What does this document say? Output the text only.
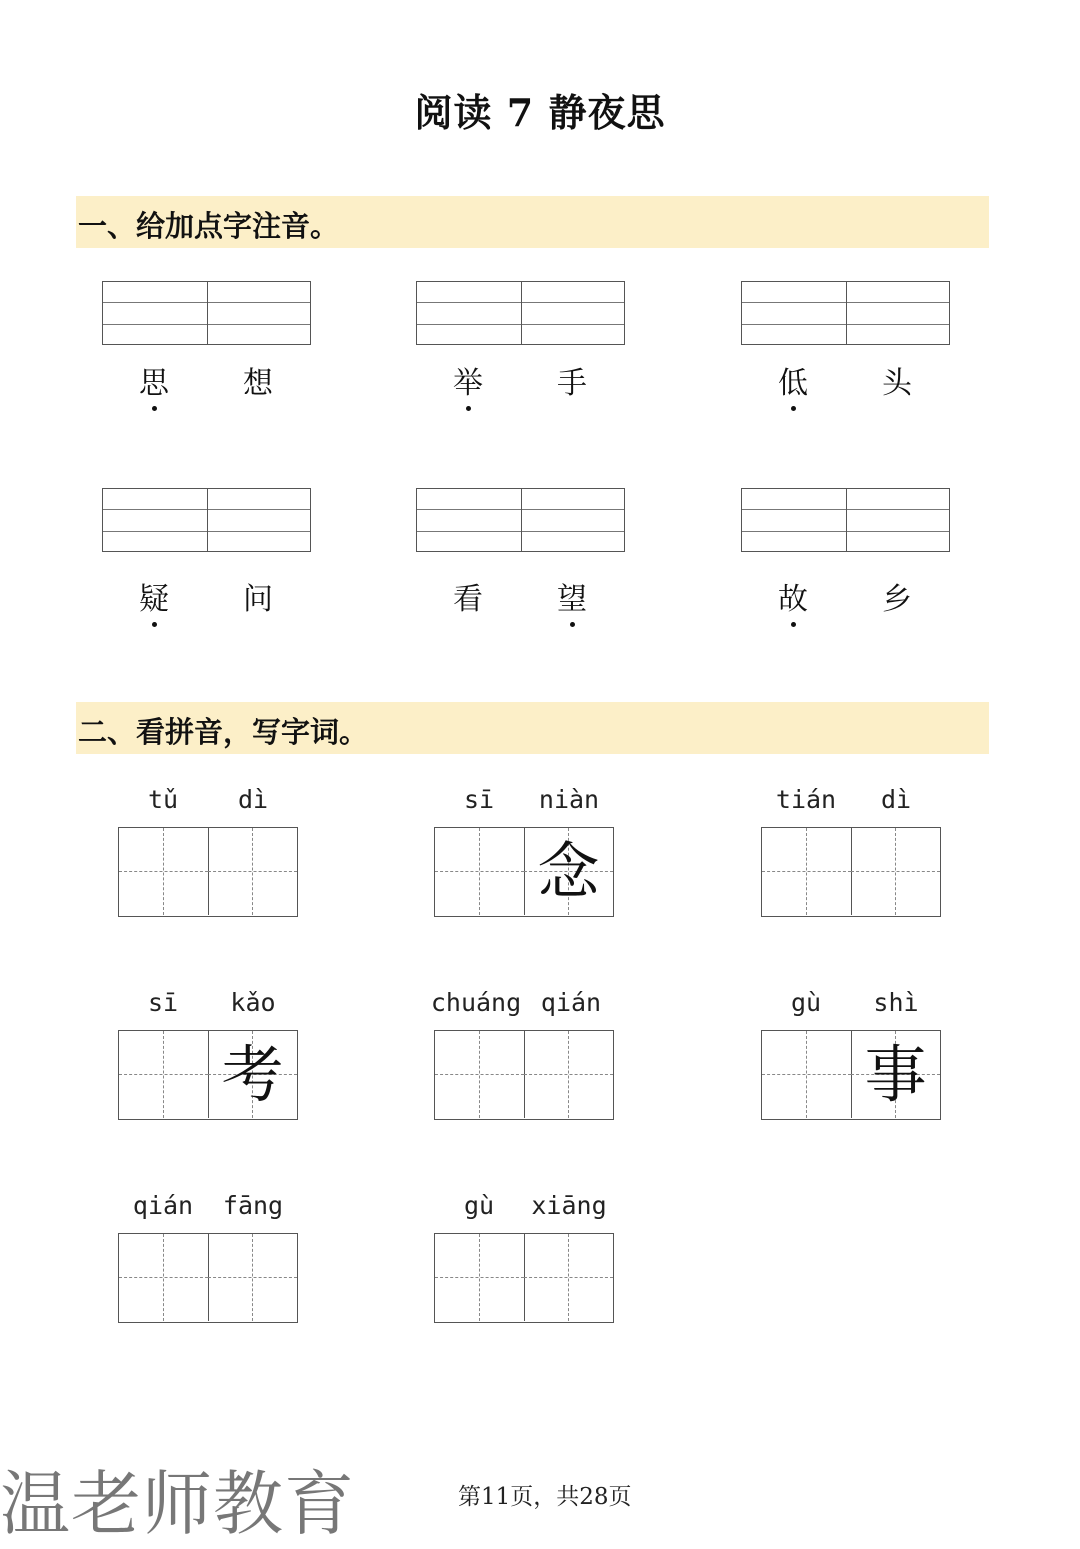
阅读 7 静夜思
一、给加点字注音。
思	想	举	手	低	头
疑	问	看	望	故	乡
二、看拼音，写字词。
tǔ	dì	sī	niàn
念
tián	dì
sī	kǎo
考
chuáng qián	gù	shì
事
qián	fāng	gù	xiāng
温老师教育	第11页，共28页
